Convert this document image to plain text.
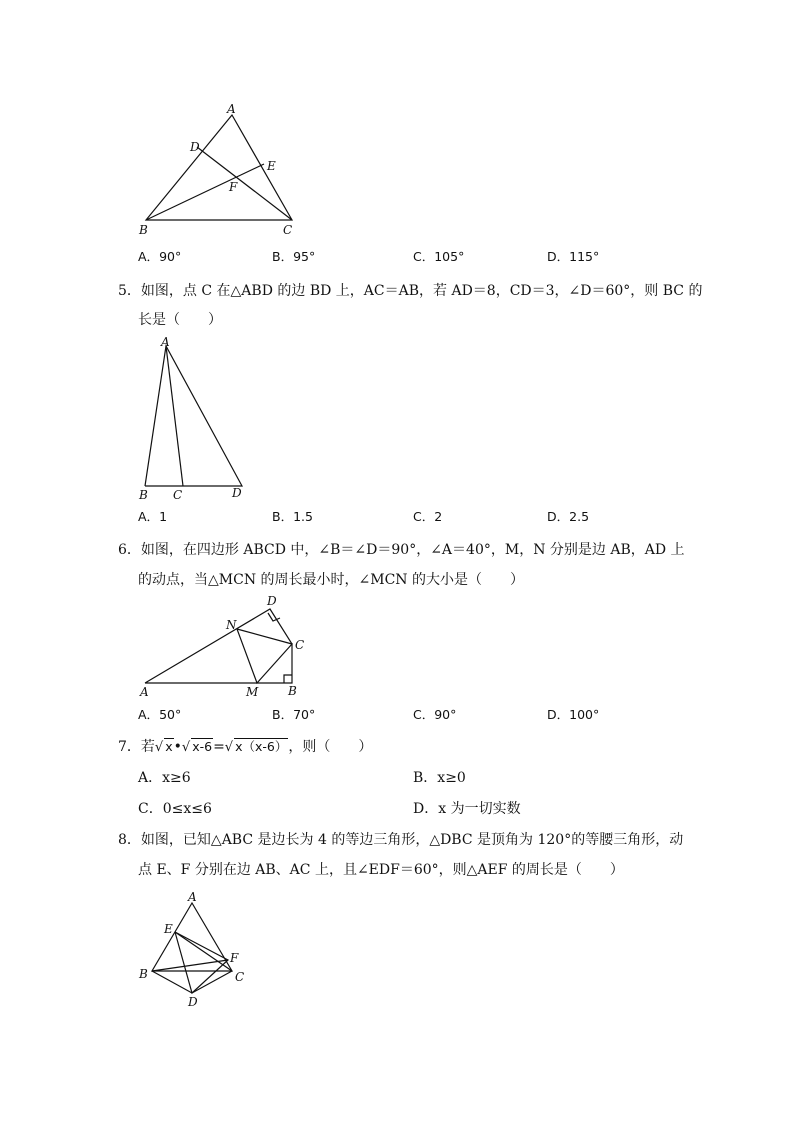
A
D
E
F
B	C
A．90°	B．95°	C．105°	D．115°
5．如图，点 C 在△ABD 的边 BD 上，AC＝AB，若 AD＝8，CD＝3，∠D＝60°，则 BC 的
长是（　　）
A
B C	D
A．1	B．1.5	C．2	D．2.5
6．如图，在四边形 ABCD 中，∠B＝∠D＝90°，∠A＝40°，M，N 分别是边 AB，AD 上
的动点，当△MCN 的周长最小时，∠MCN 的大小是（　　）
A	B
C
D
M
N
A．50°	B．70°	C．90°	D．100°
7．若√ x•√ x-6=√ x（x-6），则（　　）
A．x≥6	B．x≥0
C．0≤x≤6	D．x 为一切实数
8．如图，已知△ABC 是边长为 4 的等边三角形，△DBC 是顶角为 120°的等腰三角形，动
点 E、F 分别在边 AB、AC 上，且∠EDF＝60°，则△AEF 的周长是（　　）
A
E
F
B	C
D
